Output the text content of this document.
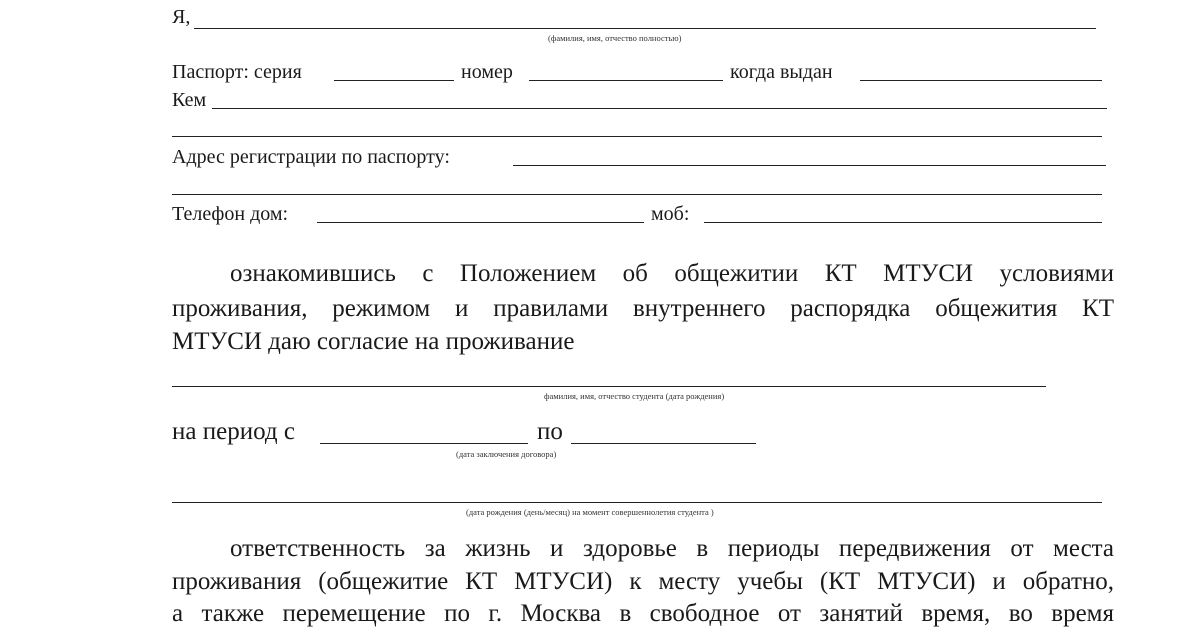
Я,
(фамилия, имя, отчество полностью)
Паспорт: серия	номер	когда выдан
Кем
Адрес регистрации по паспорту:
Телефон дом:	моб:
ознакомившись с Положением об общежитии КТ МТУСИ условиями
проживания, режимом и правилами внутреннего распорядка общежития КТ
МТУСИ даю согласие на проживание
фамилия, имя, отчество студента (дата рождения)
на период с	по
(дата заключения договора)
(дата рождения (день/месяц) на момент совершеннолетия студента )
ответственность за жизнь и здоровье в периоды передвижения от места
проживания (общежитие КТ МТУСИ) к месту учебы (КТ МТУСИ) и обратно,
а также перемещение по г. Москва в свободное от занятий время, во время
